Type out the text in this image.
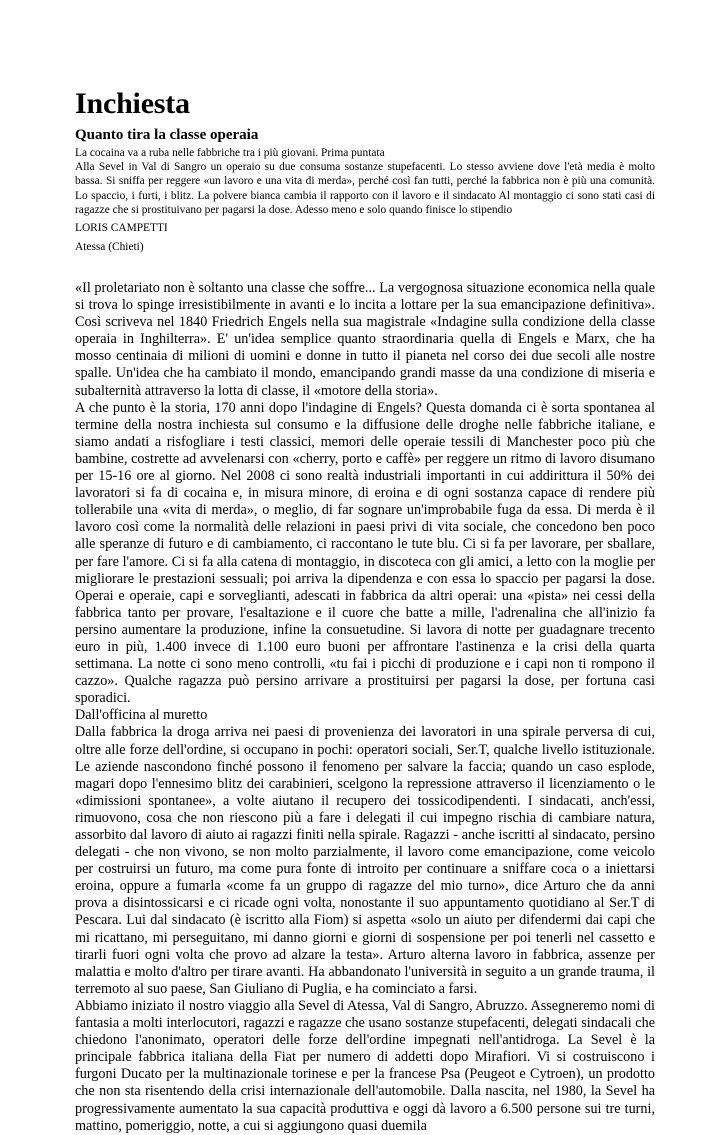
Inchiesta
Quanto tira la classe operaia

La cocaina va a ruba nelle fabbriche tra i più giovani. Prima puntata

Alla Sevel in Val di Sangro un operaio su due consuma sostanze stupefacenti. Lo stesso avviene dove l'età media è molto bassa. Si sniffa per reggere «un lavoro e una vita di merda», perché così fan tutti, perché la fabbrica non è più una comunità. Lo spaccio, i furti, i blitz. La polvere bianca cambia il rapporto con il lavoro e il sindacato Al montaggio ci sono stati casi di ragazze che si prostituivano per pagarsi la dose. Adesso meno e solo quando finisce lo stipendio

LORIS CAMPETTI

Atessa (Chieti)

«Il proletariato non è soltanto una classe che soffre... La vergognosa situazione economica nella quale si trova lo spinge irresistibilmente in avanti e lo incita a lottare per la sua emancipazione definitiva». Così scriveva nel 1840 Friedrich Engels nella sua magistrale «Indagine sulla condizione della classe operaia in Inghilterra». E' un'idea semplice quanto straordinaria quella di Engels e Marx, che ha mosso centinaia di milioni di uomini e donne in tutto il pianeta nel corso dei due secoli alle nostre spalle. Un'idea che ha cambiato il mondo, emancipando grandi masse da una condizione di miseria e subalternità attraverso la lotta di classe, il «motore della storia».

A che punto è la storia, 170 anni dopo l'indagine di Engels? Questa domanda ci è sorta spontanea al termine della nostra inchiesta sul consumo e la diffusione delle droghe nelle fabbriche italiane, e siamo andati a risfogliare i testi classici, memori delle operaie tessili di Manchester poco più che bambine, costrette ad avvelenarsi con «cherry, porto e caffè» per reggere un ritmo di lavoro disumano per 15-16 ore al giorno. Nel 2008 ci sono realtà industriali importanti in cui addirittura il 50% dei lavoratori si fa di cocaina e, in misura minore, di eroina e di ogni sostanza capace di rendere più tollerabile una «vita di merda», o meglio, di far sognare un'improbabile fuga da essa. Di merda è il lavoro così come la normalità delle relazioni in paesi privi di vita sociale, che concedono ben poco alle speranze di futuro e di cambiamento, ci raccontano le tute blu. Ci si fa per lavorare, per sballare, per fare l'amore. Ci si fa alla catena di montaggio, in discoteca con gli amici, a letto con la moglie per migliorare le prestazioni sessuali; poi arriva la dipendenza e con essa lo spaccio per pagarsi la dose. Operai e operaie, capi e sorveglianti, adescati in fabbrica da altri operai: una «pista» nei cessi della fabbrica tanto per provare, l'esaltazione e il cuore che batte a mille, l'adrenalina che all'inizio fa persino aumentare la produzione, infine la consuetudine. Si lavora di notte per guadagnare trecento euro in più, 1.400 invece di 1.100 euro buoni per affrontare l'astinenza e la crisi della quarta settimana. La notte ci sono meno controlli, «tu fai i picchi di produzione e i capi non ti rompono il cazzo». Qualche ragazza può persino arrivare a prostituirsi per pagarsi la dose, per fortuna casi sporadici.

Dall'officina al muretto

Dalla fabbrica la droga arriva nei paesi di provenienza dei lavoratori in una spirale perversa di cui, oltre alle forze dell'ordine, si occupano in pochi: operatori sociali, Ser.T, qualche livello istituzionale. Le aziende nascondono finché possono il fenomeno per salvare la faccia; quando un caso esplode, magari dopo l'ennesimo blitz dei carabinieri, scelgono la repressione attraverso il licenziamento o le «dimissioni spontanee», a volte aiutano il recupero dei tossicodipendenti. I sindacati, anch'essi, rimuovono, cosa che non riescono più a fare i delegati il cui impegno rischia di cambiare natura, assorbito dal lavoro di aiuto ai ragazzi finiti nella spirale. Ragazzi - anche iscritti al sindacato, persino delegati - che non vivono, se non molto parzialmente, il lavoro come emancipazione, come veicolo per costruirsi un futuro, ma come pura fonte di introito per continuare a sniffare coca o a iniettarsi eroina, oppure a fumarla «come fa un gruppo di ragazze del mio turno», dice Arturo che da anni prova a disintossicarsi e ci ricade ogni volta, nonostante il suo appuntamento quotidiano al Ser.T di Pescara. Lui dal sindacato (è iscritto alla Fiom) si aspetta «solo un aiuto per difendermi dai capi che mi ricattano, mi perseguitano, mi danno giorni e giorni di sospensione per poi tenerli nel cassetto e tirarli fuori ogni volta che provo ad alzare la testa». Arturo alterna lavoro in fabbrica, assenze per malattia e molto d'altro per tirare avanti. Ha abbandonato l'università in seguito a un grande trauma, il terremoto al suo paese, San Giuliano di Puglia, e ha cominciato a farsi.

Abbiamo iniziato il nostro viaggio alla Sevel di Atessa, Val di Sangro, Abruzzo. Assegneremo nomi di fantasia a molti interlocutori, ragazzi e ragazze che usano sostanze stupefacenti, delegati sindacali che chiedono l'anonimato, operatori delle forze dell'ordine impegnati nell'antidroga. La Sevel è la principale fabbrica italiana della Fiat per numero di addetti dopo Mirafiori. Vi si costruiscono i furgoni Ducato per la multinazionale torinese e per la francese Psa (Peugeot e Cytroen), un prodotto che non sta risentendo della crisi internazionale dell'automobile. Dalla nascita, nel 1980, la Sevel ha progressivamente aumentato la sua capacità produttiva e oggi dà lavoro a 6.500 persone sui tre turni, mattino, pomeriggio, notte, a cui si aggiungono quasi duemila
